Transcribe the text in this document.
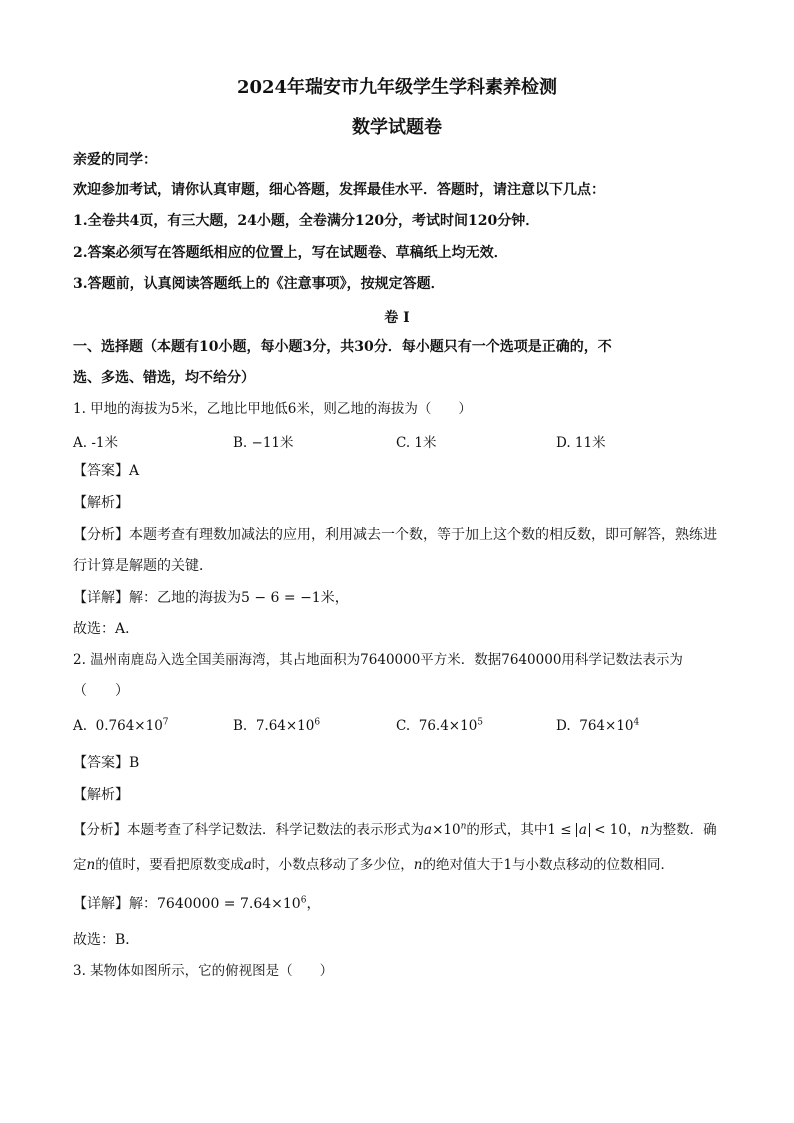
2024年瑞安市九年级学生学科素养检测
数学试题卷
亲爱的同学：
欢迎参加考试，请你认真审题，细心答题，发挥最佳水平．答题时，请注意以下几点：
1.全卷共4页，有三大题，24小题，全卷满分120分，考试时间120分钟．
2.答案必须写在答题纸相应的位置上，写在试题卷、草稿纸上均无效．
3.答题前，认真阅读答题纸上的《注意事项》，按规定答题．
卷 I
一、选择题（本题有10小题，每小题3分，共30分．每小题只有一个选项是正确的，不
选、多选、错选，均不给分）
1. 甲地的海拔为5米，乙地比甲地低6米，则乙地的海拔为（　　）
A. -1米	B. −11米	C. 1米	D. 11米
【答案】A
【解析】
【分析】本题考查有理数加减法的应用，利用减去一个数，等于加上这个数的相反数，即可解答，熟练进
行计算是解题的关键．
【详解】解：乙地的海拔为5 − 6 = −1米，
故选：A．
2. 温州南鹿岛入选全国美丽海湾，其占地面积为7640000平方米．数据7640000用科学记数法表示为
（　　）
A. $0.764\times 10^7$	B. $7.64\times 10^6$	C. $76.4\times 10^5$	D. $764\times 10^4$
【答案】B
【解析】
【分析】本题考查了科学记数法．科学记数法的表示形式为$a\times 10^n$的形式，其中1 ≤ a < 10，n为整数．确
定n的值时，要看把原数变成a时，小数点移动了多少位，n的绝对值大于1与小数点移动的位数相同．
【详解】解：$7640000 = 7.64\times 10^6$，
故选：B．
3. 某物体如图所示，它的俯视图是（　　）
